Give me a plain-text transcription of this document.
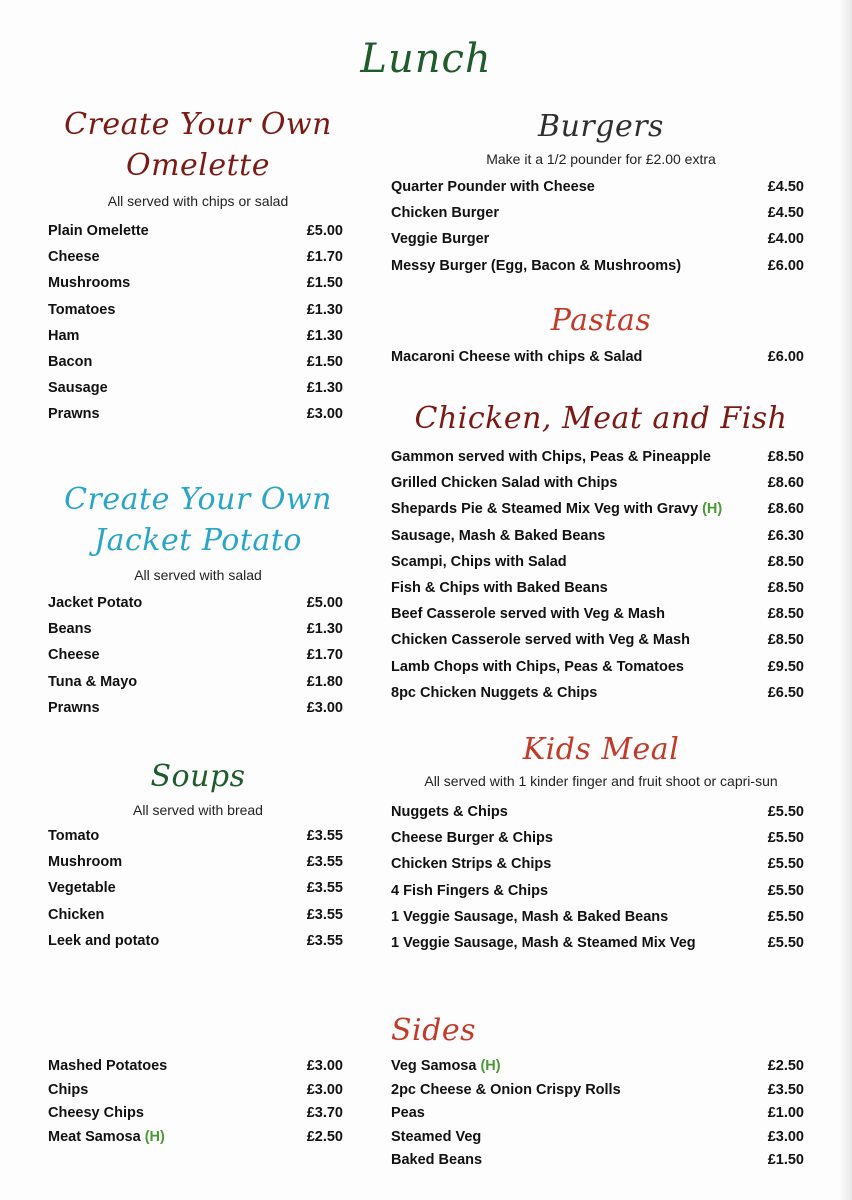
Lunch
Create Your Own
Omelette
All served with chips or salad
Plain Omelette	£5.00
Cheese	£1.70
Mushrooms	£1.50
Tomatoes	£1.30
Ham	£1.30
Bacon	£1.50
Sausage	£1.30
Prawns	£3.00
Create Your Own
Jacket Potato
All served with salad
Jacket Potato	£5.00
Beans	£1.30
Cheese	£1.70
Tuna & Mayo	£1.80
Prawns	£3.00
Soups
All served with bread
Tomato	£3.55
Mushroom	£3.55
Vegetable	£3.55
Chicken	£3.55
Leek and potato	£3.55
Mashed Potatoes	£3.00
Chips	£3.00
Cheesy Chips	£3.70
Meat Samosa (H)	£2.50
Burgers
Make it a 1/2 pounder for £2.00 extra
Quarter Pounder with Cheese	£4.50
Chicken Burger	£4.50
Veggie Burger	£4.00
Messy Burger (Egg, Bacon & Mushrooms)	£6.00
Pastas
Macaroni Cheese with chips & Salad	£6.00
Chicken, Meat and Fish
Gammon served with Chips, Peas & Pineapple	£8.50
Grilled Chicken Salad with Chips	£8.60
Shepards Pie & Steamed Mix Veg with Gravy (H)	£8.60
Sausage, Mash & Baked Beans	£6.30
Scampi, Chips with Salad	£8.50
Fish & Chips with Baked Beans	£8.50
Beef Casserole served with Veg & Mash	£8.50
Chicken Casserole served with Veg & Mash	£8.50
Lamb Chops with Chips, Peas & Tomatoes	£9.50
8pc Chicken Nuggets & Chips	£6.50
Kids Meal
All served with 1 kinder finger and fruit shoot or capri-sun
Nuggets & Chips	£5.50
Cheese Burger & Chips	£5.50
Chicken Strips & Chips	£5.50
4 Fish Fingers & Chips	£5.50
1 Veggie Sausage, Mash & Baked Beans	£5.50
1 Veggie Sausage, Mash & Steamed Mix Veg	£5.50
Sides
Veg Samosa (H)	£2.50
2pc Cheese & Onion Crispy Rolls	£3.50
Peas	£1.00
Steamed Veg	£3.00
Baked Beans	£1.50
